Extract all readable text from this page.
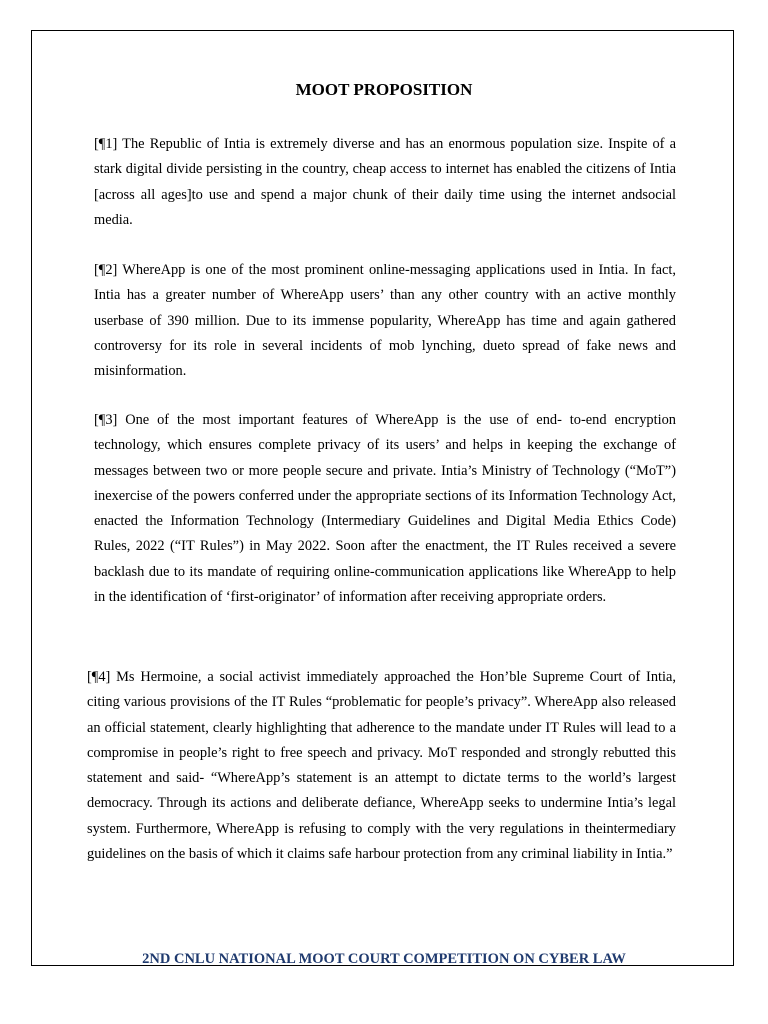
MOOT PROPOSITION

[¶1] The Republic of Intia is extremely diverse and has an enormous population size. Inspite of a stark digital divide persisting in the country, cheap access to internet has enabled the citizens of Intia [across all ages]to use and spend a major chunk of their daily time using the internet andsocial media.

[¶2] WhereApp is one of the most prominent online-messaging applications used in Intia. In fact, Intia has a greater number of WhereApp users’ than any other country with an active monthly userbase of 390 million. Due to its immense popularity, WhereApp has time and again gathered controversy for its role in several incidents of mob lynching, dueto spread of fake news and misinformation.

[¶3] One of the most important features of WhereApp is the use of end- to-end encryption technology, which ensures complete privacy of its users’ and helps in keeping the exchange of messages between two or more people secure and private. Intia’s Ministry of Technology (“MoT”) inexercise of the powers conferred under the appropriate sections of its Information Technology Act, enacted the Information Technology (Intermediary Guidelines and Digital Media Ethics Code) Rules, 2022 (“IT Rules”) in May 2022. Soon after the enactment, the IT Rules received a severe backlash due to its mandate of requiring online-communication applications like WhereApp to help in the identification of ‘first-originator’ of information after receiving appropriate orders.

[¶4] Ms Hermoine, a social activist immediately approached the Hon’ble Supreme Court of Intia, citing various provisions of the IT Rules “problematic for people’s privacy”. WhereApp also released an official statement, clearly highlighting that adherence to the mandate under IT Rules will lead to a compromise in people’s right to free speech and privacy. MoT responded and strongly rebutted this statement and said- “WhereApp’s statement is an attempt to dictate terms to the world’s largest democracy. Through its actions and deliberate defiance, WhereApp seeks to undermine Intia’s legal system. Furthermore, WhereApp is refusing to comply with the very regulations in theintermediary guidelines on the basis of which it claims safe harbour protection from any criminal liability in Intia.”

2ND CNLU NATIONAL MOOT COURT COMPETITION ON CYBER LAW
